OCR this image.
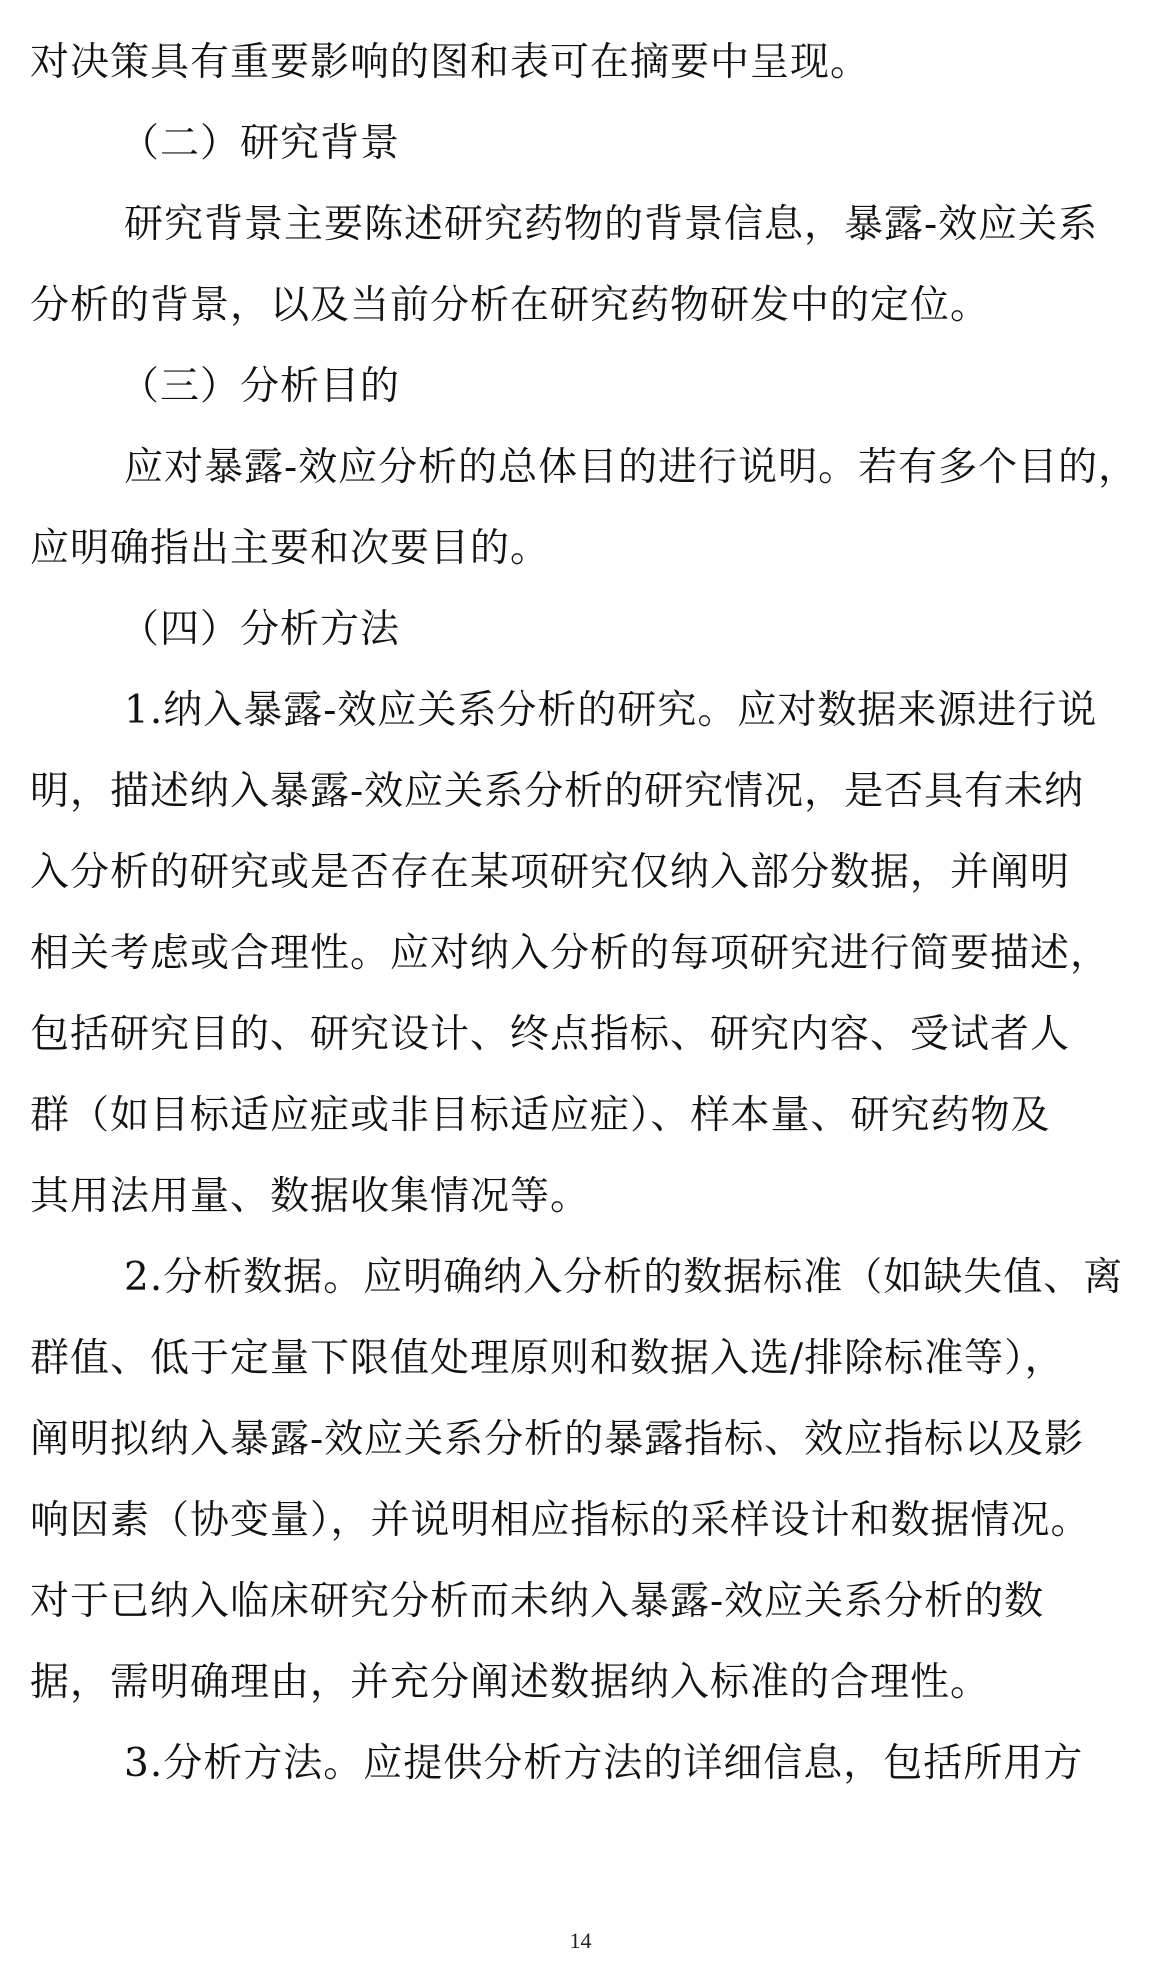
对决策具有重要影响的图和表可在摘要中呈现。
（二）研究背景
研究背景主要陈述研究药物的背景信息，暴露-效应关系
分析的背景，以及当前分析在研究药物研发中的定位。
（三）分析目的
应对暴露-效应分析的总体目的进行说明。若有多个目的，
应明确指出主要和次要目的。
（四）分析方法
1.纳入暴露-效应关系分析的研究。应对数据来源进行说
明，描述纳入暴露-效应关系分析的研究情况，是否具有未纳
入分析的研究或是否存在某项研究仅纳入部分数据，并阐明
相关考虑或合理性。应对纳入分析的每项研究进行简要描述，
包括研究目的、研究设计、终点指标、研究内容、受试者人
群（如目标适应症或非目标适应症）、样本量、研究药物及
其用法用量、数据收集情况等。
2.分析数据。应明确纳入分析的数据标准（如缺失值、离
群值、低于定量下限值处理原则和数据入选/排除标准等），
阐明拟纳入暴露-效应关系分析的暴露指标、效应指标以及影
响因素（协变量），并说明相应指标的采样设计和数据情况。
对于已纳入临床研究分析而未纳入暴露-效应关系分析的数
据，需明确理由，并充分阐述数据纳入标准的合理性。
3.分析方法。应提供分析方法的详细信息，包括所用方
14
